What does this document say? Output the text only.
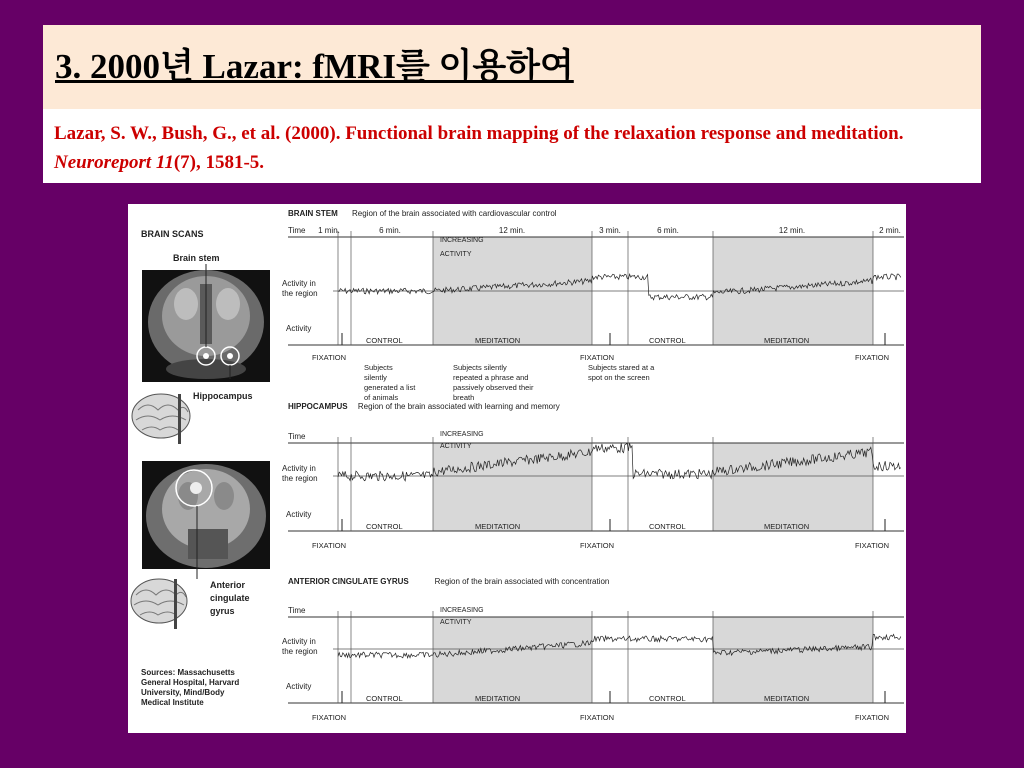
3. 2000년 Lazar: fMRI를 이용하여
Lazar, S. W., Bush, G., et al. (2000). Functional brain mapping of the relaxation response and meditation. Neuroreport 11(7), 1581-5.
BRAIN SCANS
Brain stem
Hippocampus
Anterior
cingulate
gyrus
Sources: Massachusetts
General Hospital, Harvard
University, Mind/Body
Medical Institute
BRAIN STEM Region of the brain associated with cardiovascular control
Time 1 min.	6 min.	12 min.	3 min.	6 min.	12 min.	2 min.
Activity in
the region
Activity
INCREASING
ACTIVITY
FIXATION	FIXATION	FIXATION
CONTROL	MEDITATION	CONTROL	MEDITATION
HIPPOCAMPUS Region of the brain associated with learning and memory
Time
Activity in
the region
Activity
INCREASING
ACTIVITY
FIXATION	FIXATION	FIXATION
CONTROL	MEDITATION	CONTROL	MEDITATION
ANTERIOR CINGULATE GYRUS	Region of the brain associated with concentration
Time
Activity in
the region
Activity
INCREASING
ACTIVITY
FIXATION	FIXATION	FIXATION
CONTROL	MEDITATION	CONTROL	MEDITATION
Subjects
silently
generated a list
of animals
Subjects silently
repeated a phrase and
passively observed their
breath
Subjects stared at a
spot on the screen
